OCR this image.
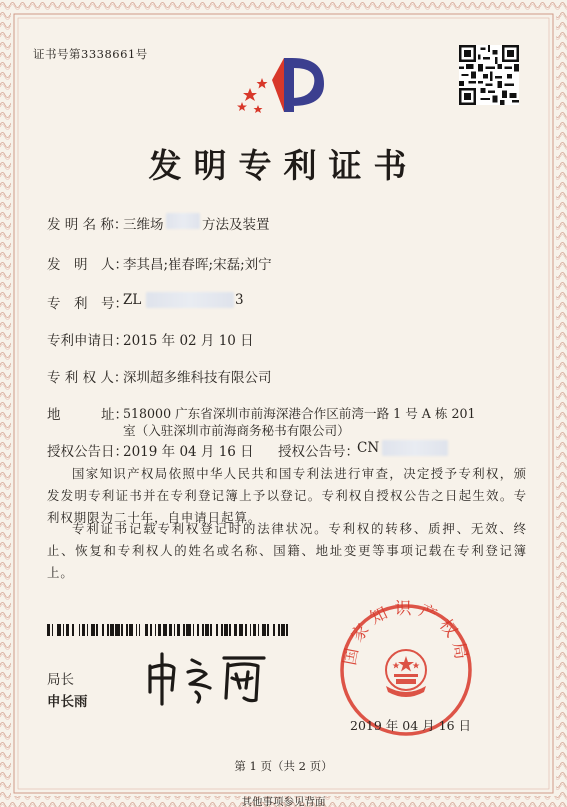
证书号第3338661号
发明专利证书
发 明 名 称：
三维场	方法及装置
发　明　人：
李其昌;崔春晖;宋磊;刘宁
专　利　号：
ZL	3
专利申请日：
2015 年 02 月 10 日
专 利 权 人：
深圳超多维科技有限公司
地　　　址：
518000 广东省深圳市前海深港合作区前湾一路 1 号 A 栋 201
室（入驻深圳市前海商务秘书有限公司）
授权公告日：
2019 年 04 月 16 日 授权公告号：
CN
国家知识产权局依照中华人民共和国专利法进行审查，决定授予专利权，颁发发明专利证书并在专利登记簿上予以登记。专利权自授权公告之日起生效。专利权期限为二十年，自申请日起算。
专利证书记载专利权登记时的法律状况。专利权的转移、质押、无效、终止、恢复和专利权人的姓名或名称、国籍、地址变更等事项记载在专利登记簿上。
局长
申长雨
国家知识产权局
2019 年 04 月 16 日
第 1 页（共 2 页）
其他事项参见背面
